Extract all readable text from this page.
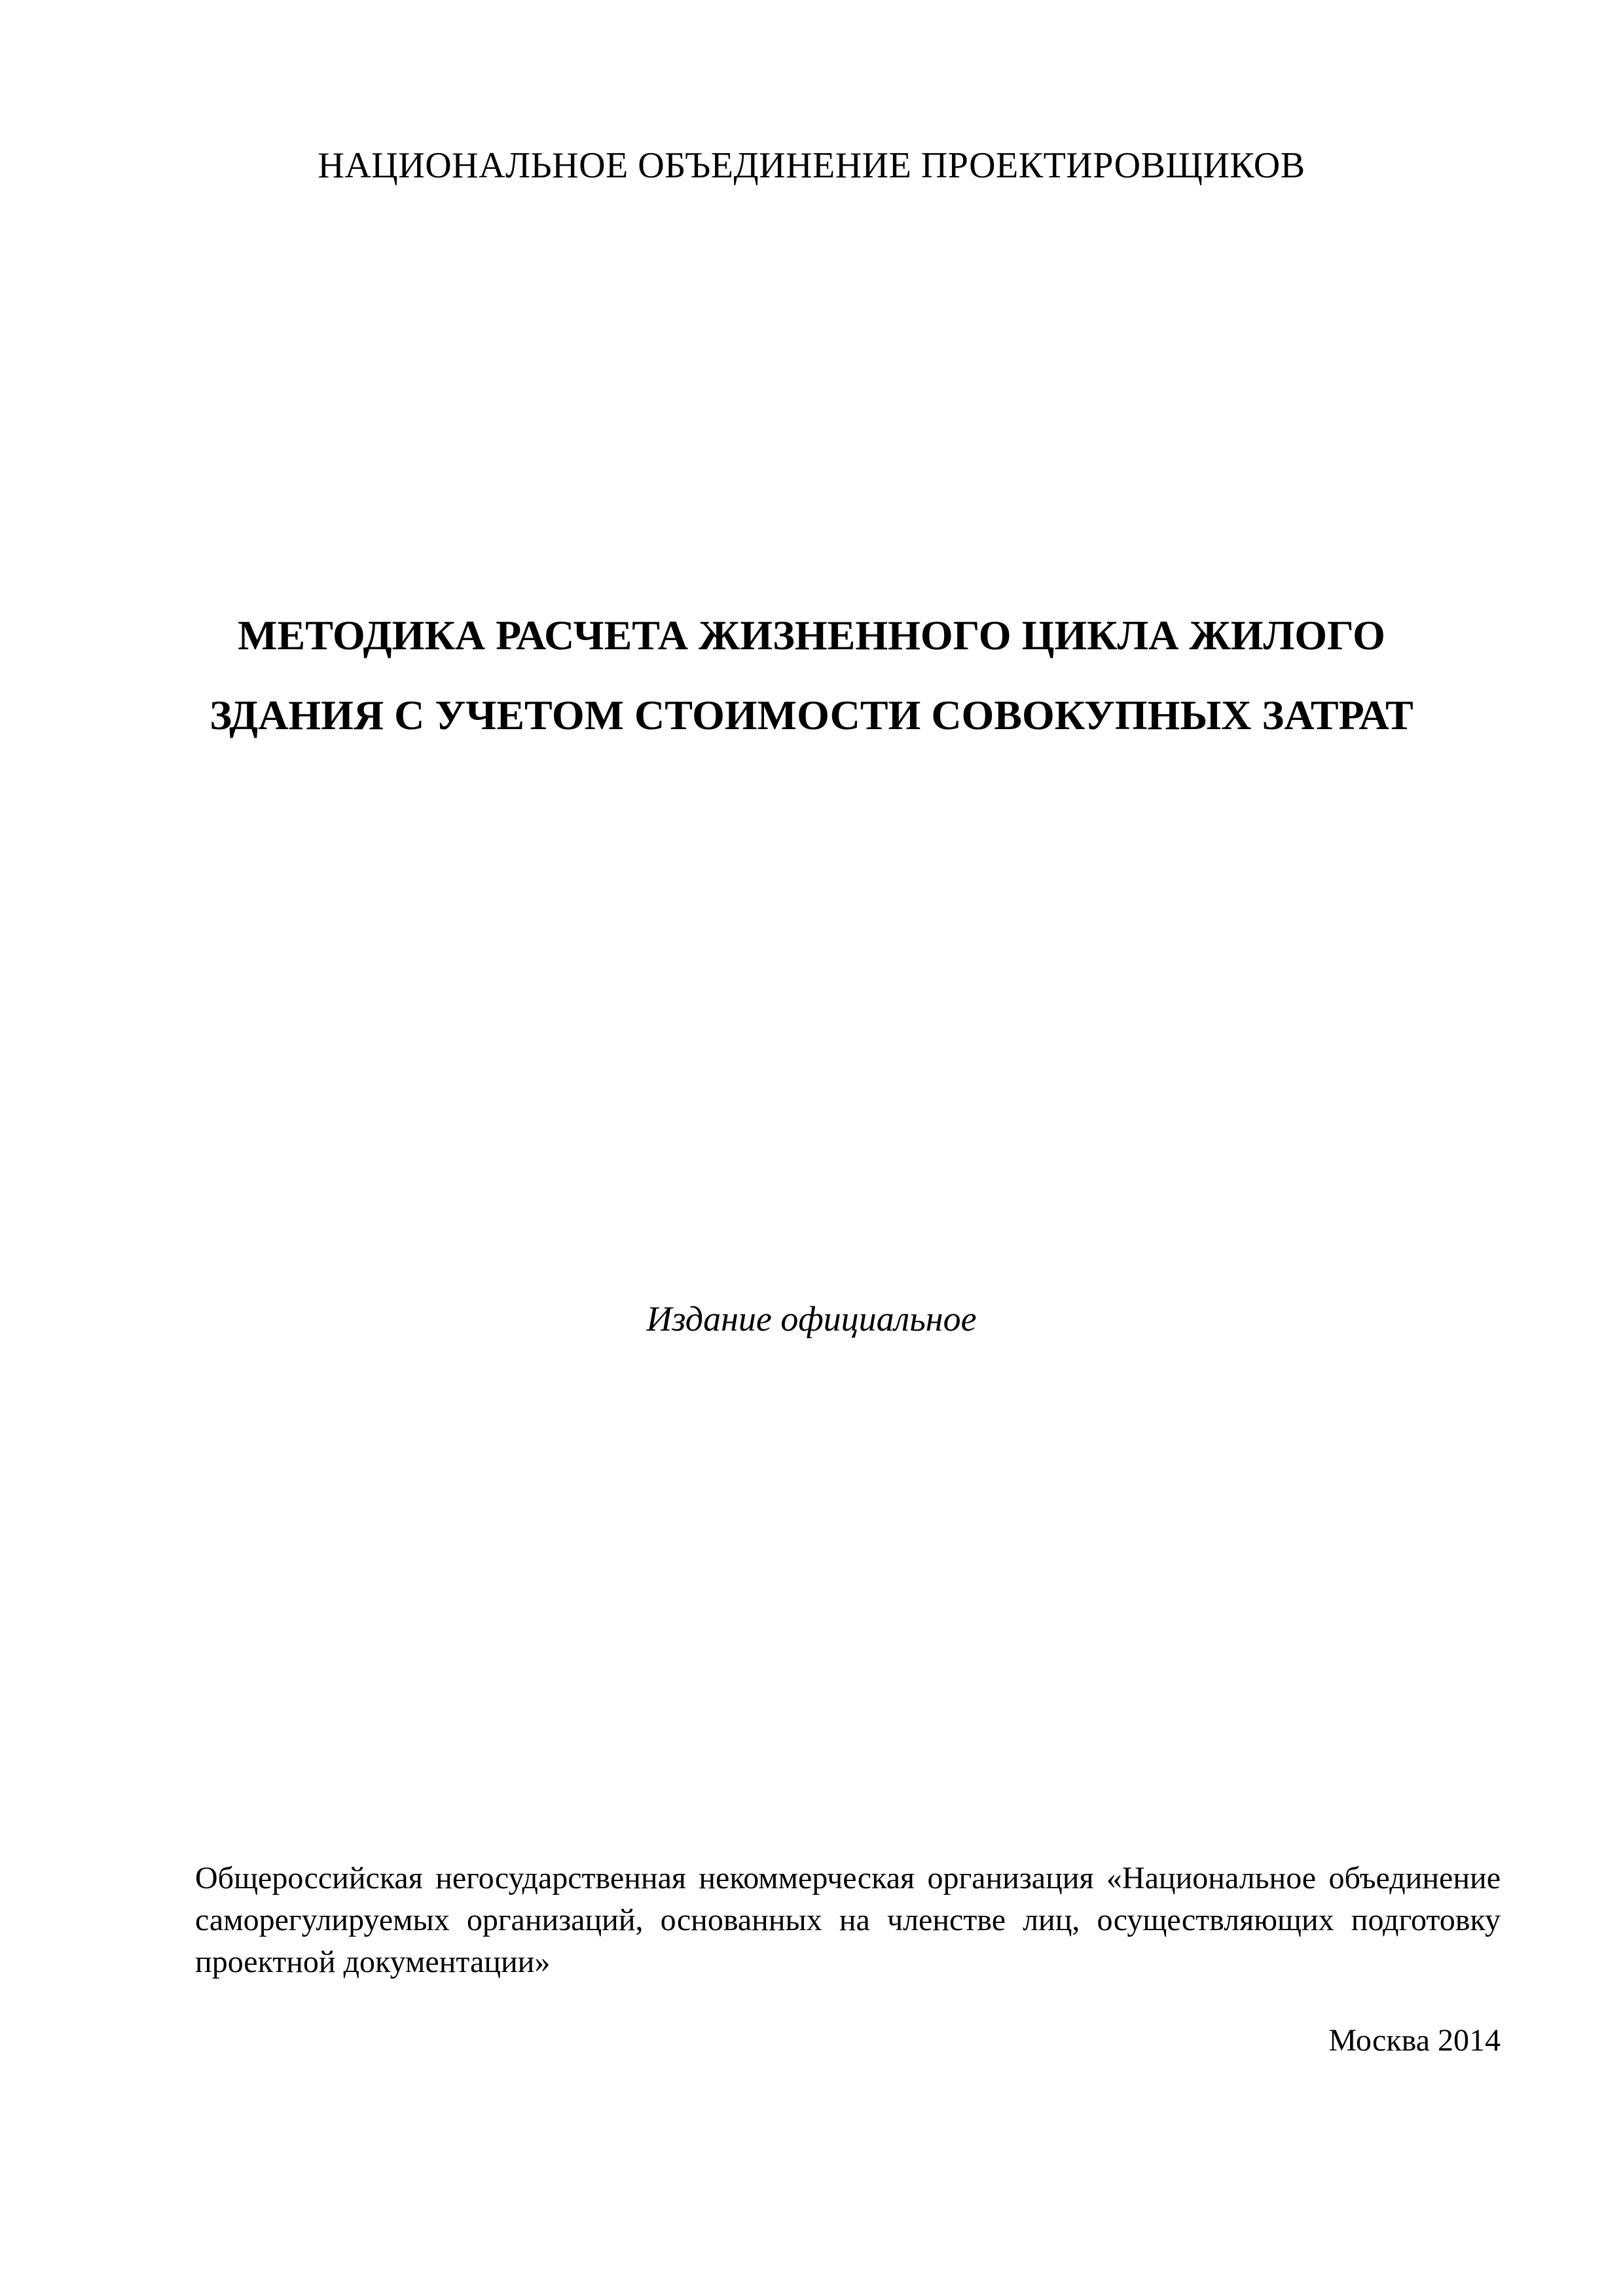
НАЦИОНАЛЬНОЕ ОБЪЕДИНЕНИЕ ПРОЕКТИРОВЩИКОВ
МЕТОДИКА РАСЧЕТА ЖИЗНЕННОГО ЦИКЛА ЖИЛОГО
ЗДАНИЯ С УЧЕТОМ СТОИМОСТИ СОВОКУПНЫХ ЗАТРАТ
Издание официальное
Общероссийская негосударственная некоммерческая организация «Национальное объединение саморегулируемых организаций, основанных на членстве лиц, осуществляющих подготовку проектной документации»
Москва 2014
